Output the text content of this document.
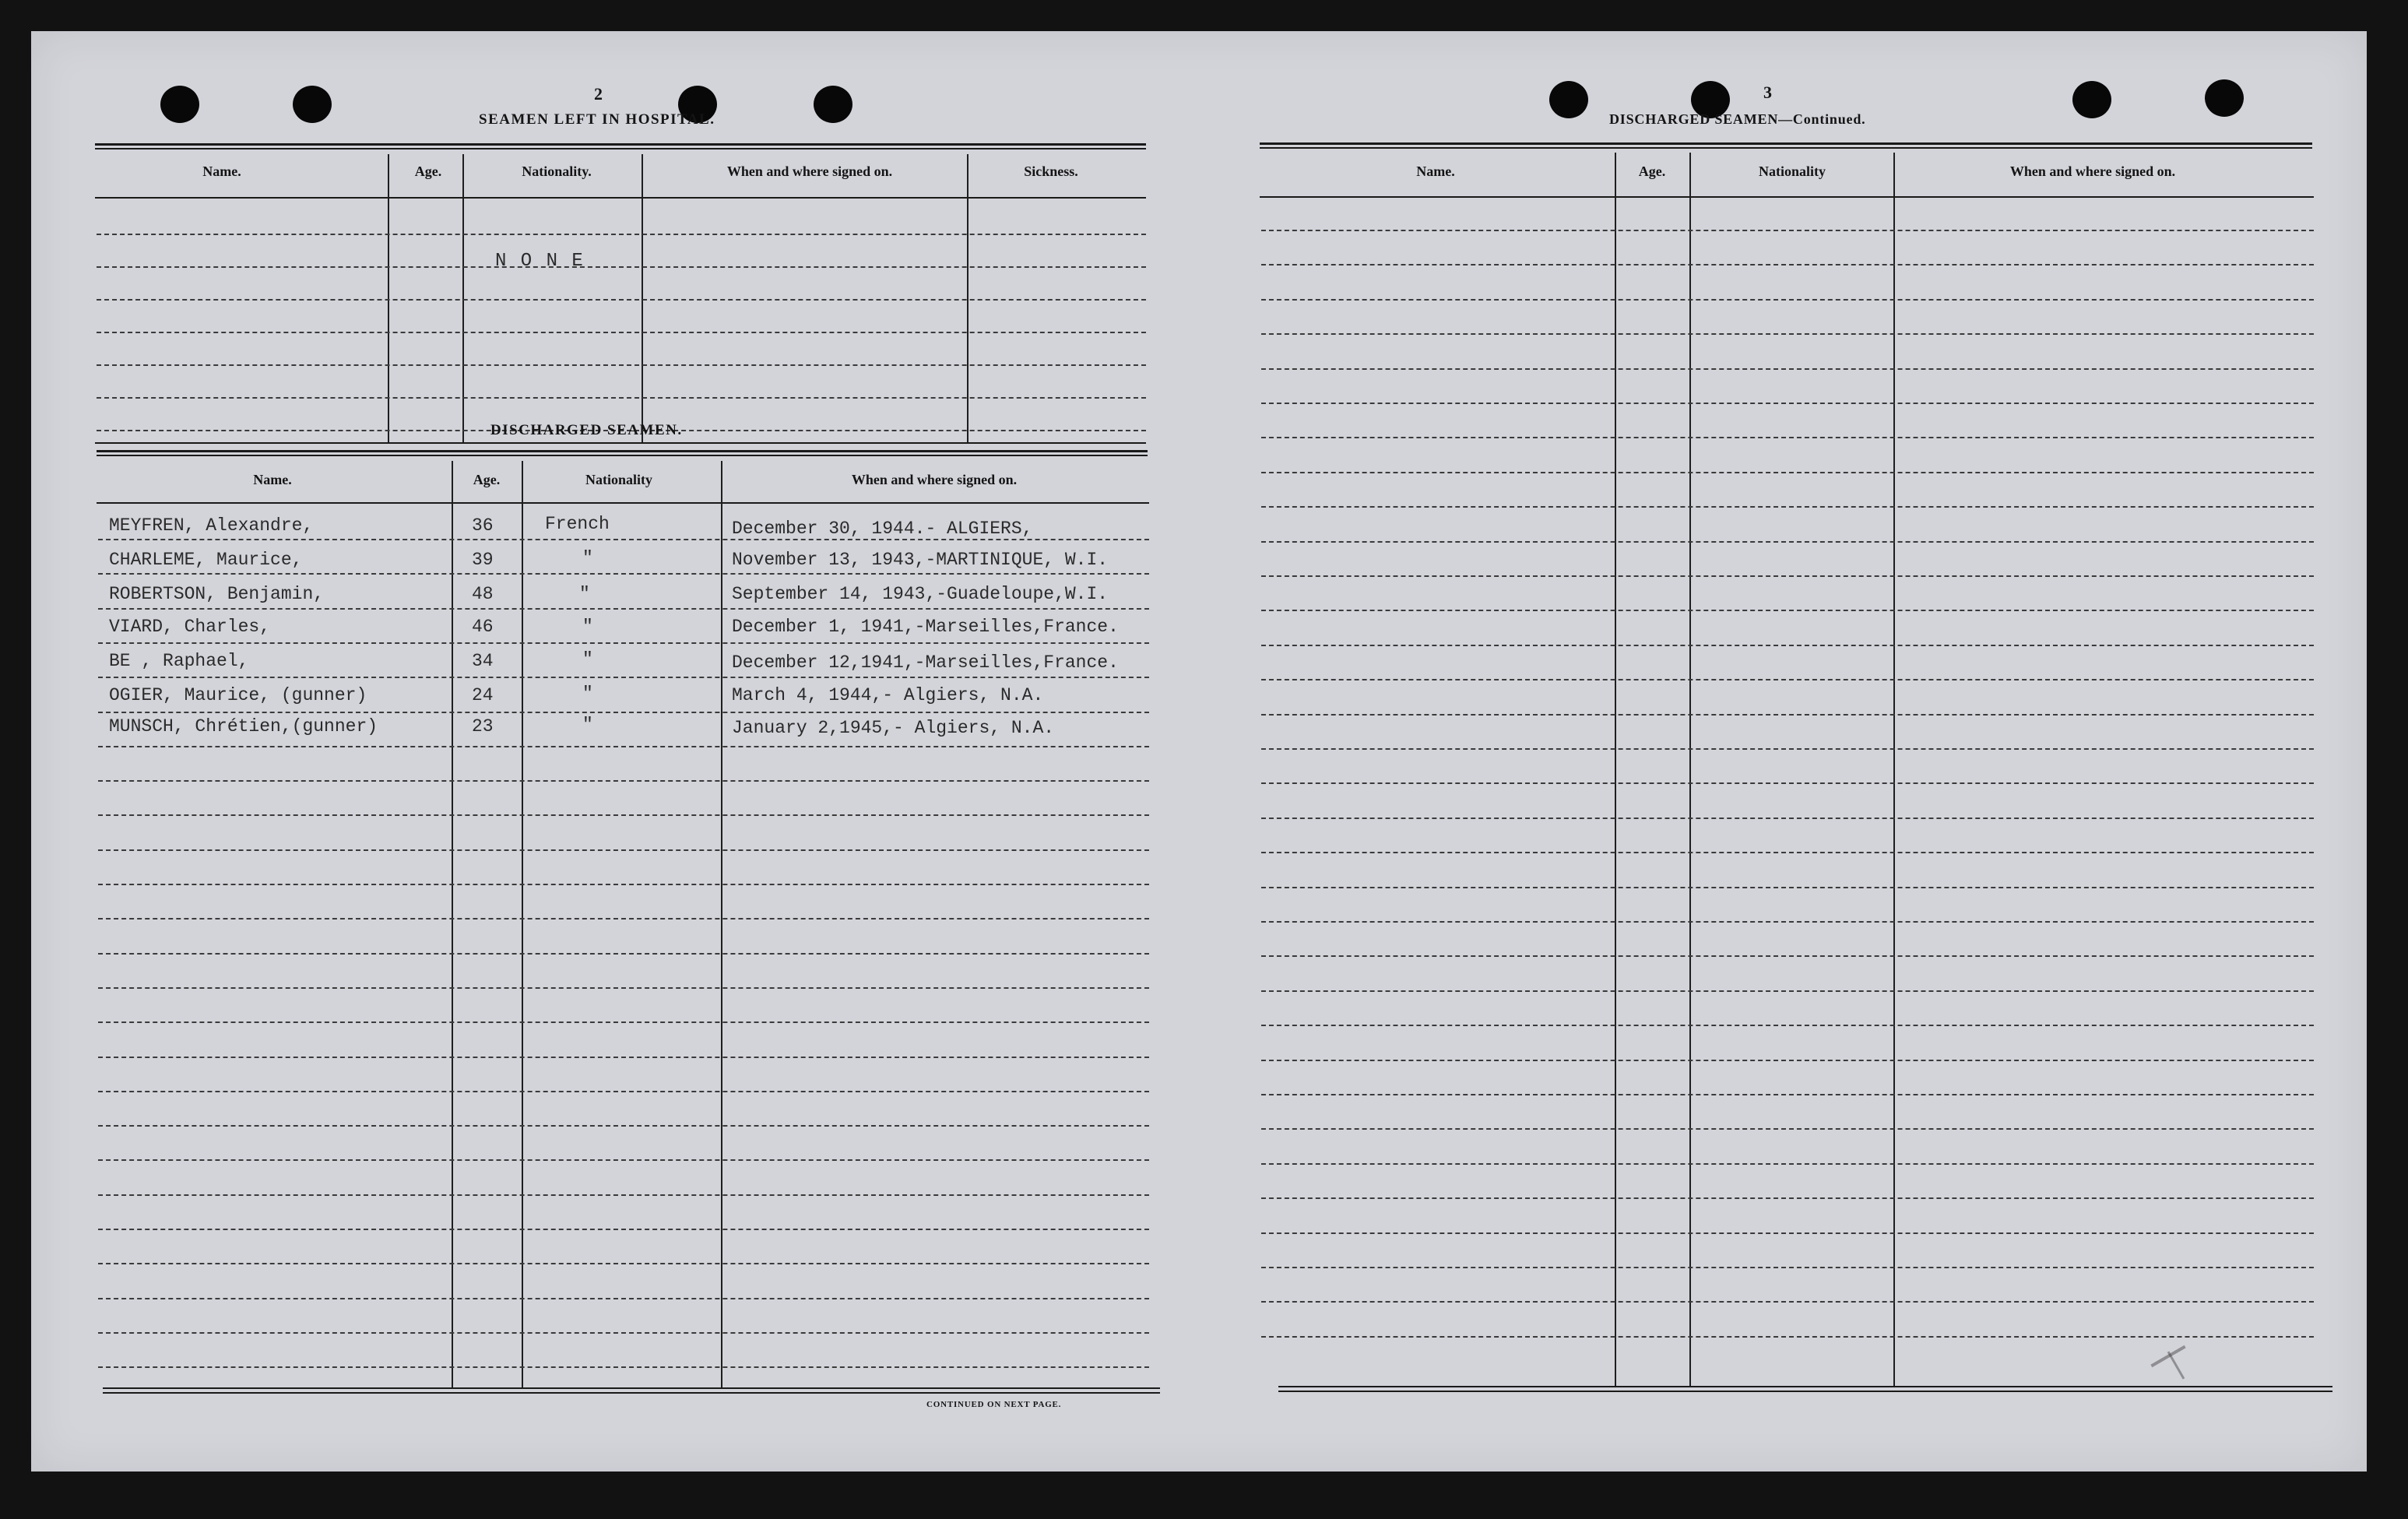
2
SEAMEN LEFT IN HOSPITAL.
Name.	Age.	Nationality.	When and where signed on.	Sickness.
N O N E
DISCHARGED SEAMEN.
Name.	Age.	Nationality	When and where signed on.
MEYFREN, Alexandre,	36	French	December 30, 1944.- ALGIERS,
CHARLEME, Maurice,	39	"	November 13, 1943,-MARTINIQUE, W.I.
ROBERTSON, Benjamin,	48	"	September 14, 1943,-Guadeloupe,W.I.
VIARD, Charles,	46	"	December 1, 1941,-Marseilles,France.
BE , Raphael,	34	"	December 12,1941,-Marseilles,France.
OGIER, Maurice, (gunner)	24	"	March 4, 1944,- Algiers, N.A.
MUNSCH, Chrétien,(gunner)	23	"	January 2,1945,- Algiers, N.A.
CONTINUED ON NEXT PAGE.
3
DISCHARGED SEAMEN—Continued.
Name.	Age.	Nationality	When and where signed on.
